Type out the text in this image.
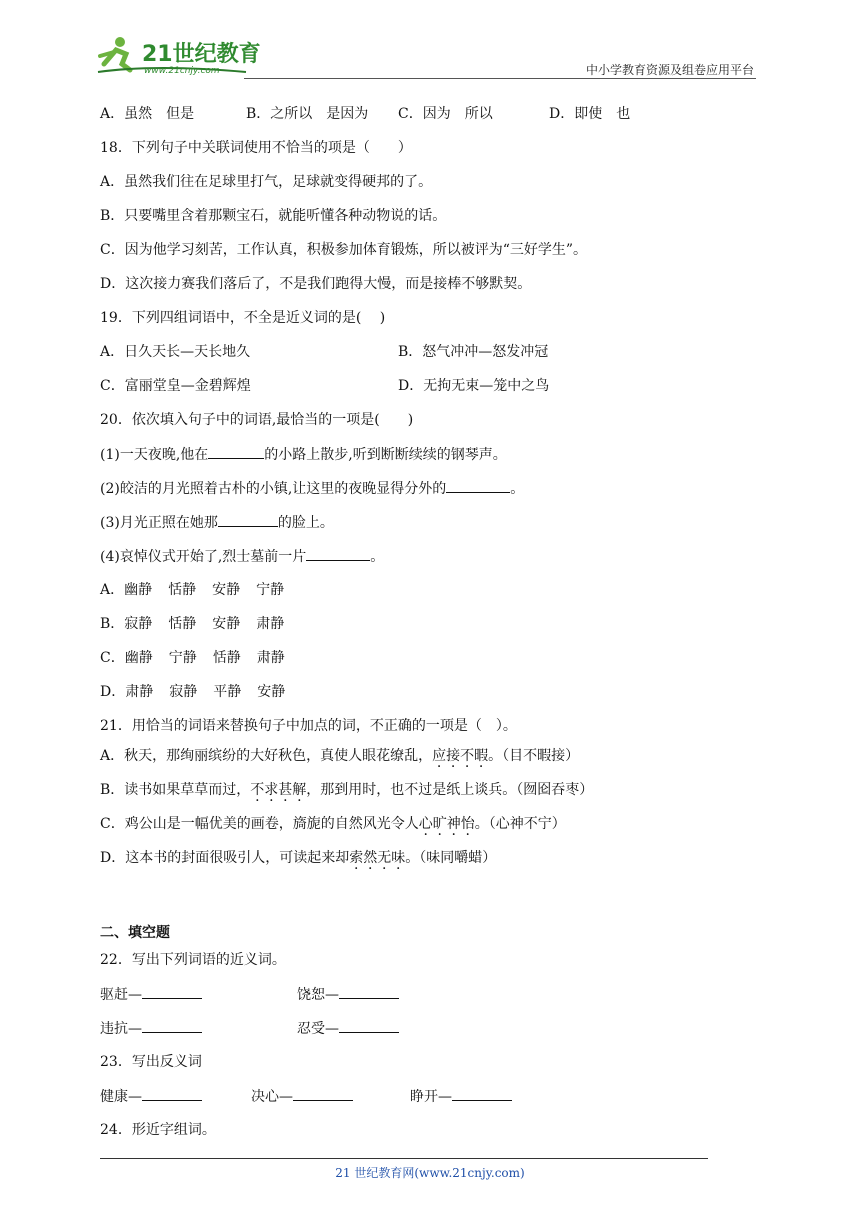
21世纪教育
www.21cnjy.com	中小学教育资源及组卷应用平台
A．虽然　但是	B．之所以　是因为 C．因为　所以	D．即使　也
18．下列句子中关联词使用不恰当的项是（　　）
A．虽然我们往在足球里打气，足球就变得硬邦的了。
B．只要嘴里含着那颗宝石，就能听懂各种动物说的话。
C．因为他学习刻苦，工作认真，积极参加体育锻炼，所以被评为“三好学生”。
D．这次接力赛我们落后了，不是我们跑得大慢，而是接棒不够默契。
19．下列四组词语中，不全是近义词的是(　 )
A．日久天长—天长地久	B．怒气冲冲—怒发冲冠
C．富丽堂皇—金碧辉煌	D．无拘无束—笼中之鸟
20．依次填入句子中的词语,最恰当的一项是(　　)
(1)一天夜晚,他在	的小路上散步,听到断断续续的钢琴声。
(2)皎洁的月光照着古朴的小镇,让这里的夜晚显得分外的	。
(3)月光正照在她那	的脸上。
(4)哀悼仪式开始了,烈士墓前一片	。
A．幽静 恬静 安静 宁静
B．寂静 恬静 安静 肃静
C．幽静 宁静 恬静 肃静
D．肃静 寂静 平静 安静
21．用恰当的词语来替换句子中加点的词，不正确的一项是（　）。
A．秋天，那绚丽缤纷的大好秋色，真使人眼花缭乱，应接不暇。（目不暇接）
B．读书如果草草而过，不求甚解，那到用时，也不过是纸上谈兵。（囫囵吞枣）
C．鸡公山是一幅优美的画卷，旖旎的自然风光令人心旷神怡。（心神不宁）
D．这本书的封面很吸引人，可读起来却索然无味。（味同嚼蜡）
二、填空题
22．写出下列词语的近义词。
驱赶—	饶恕—
违抗—	忍受—
23．写出反义词
健康—	决心—	睁开—
24．形近字组词。
21 世纪教育网(www.21cnjy.com)
